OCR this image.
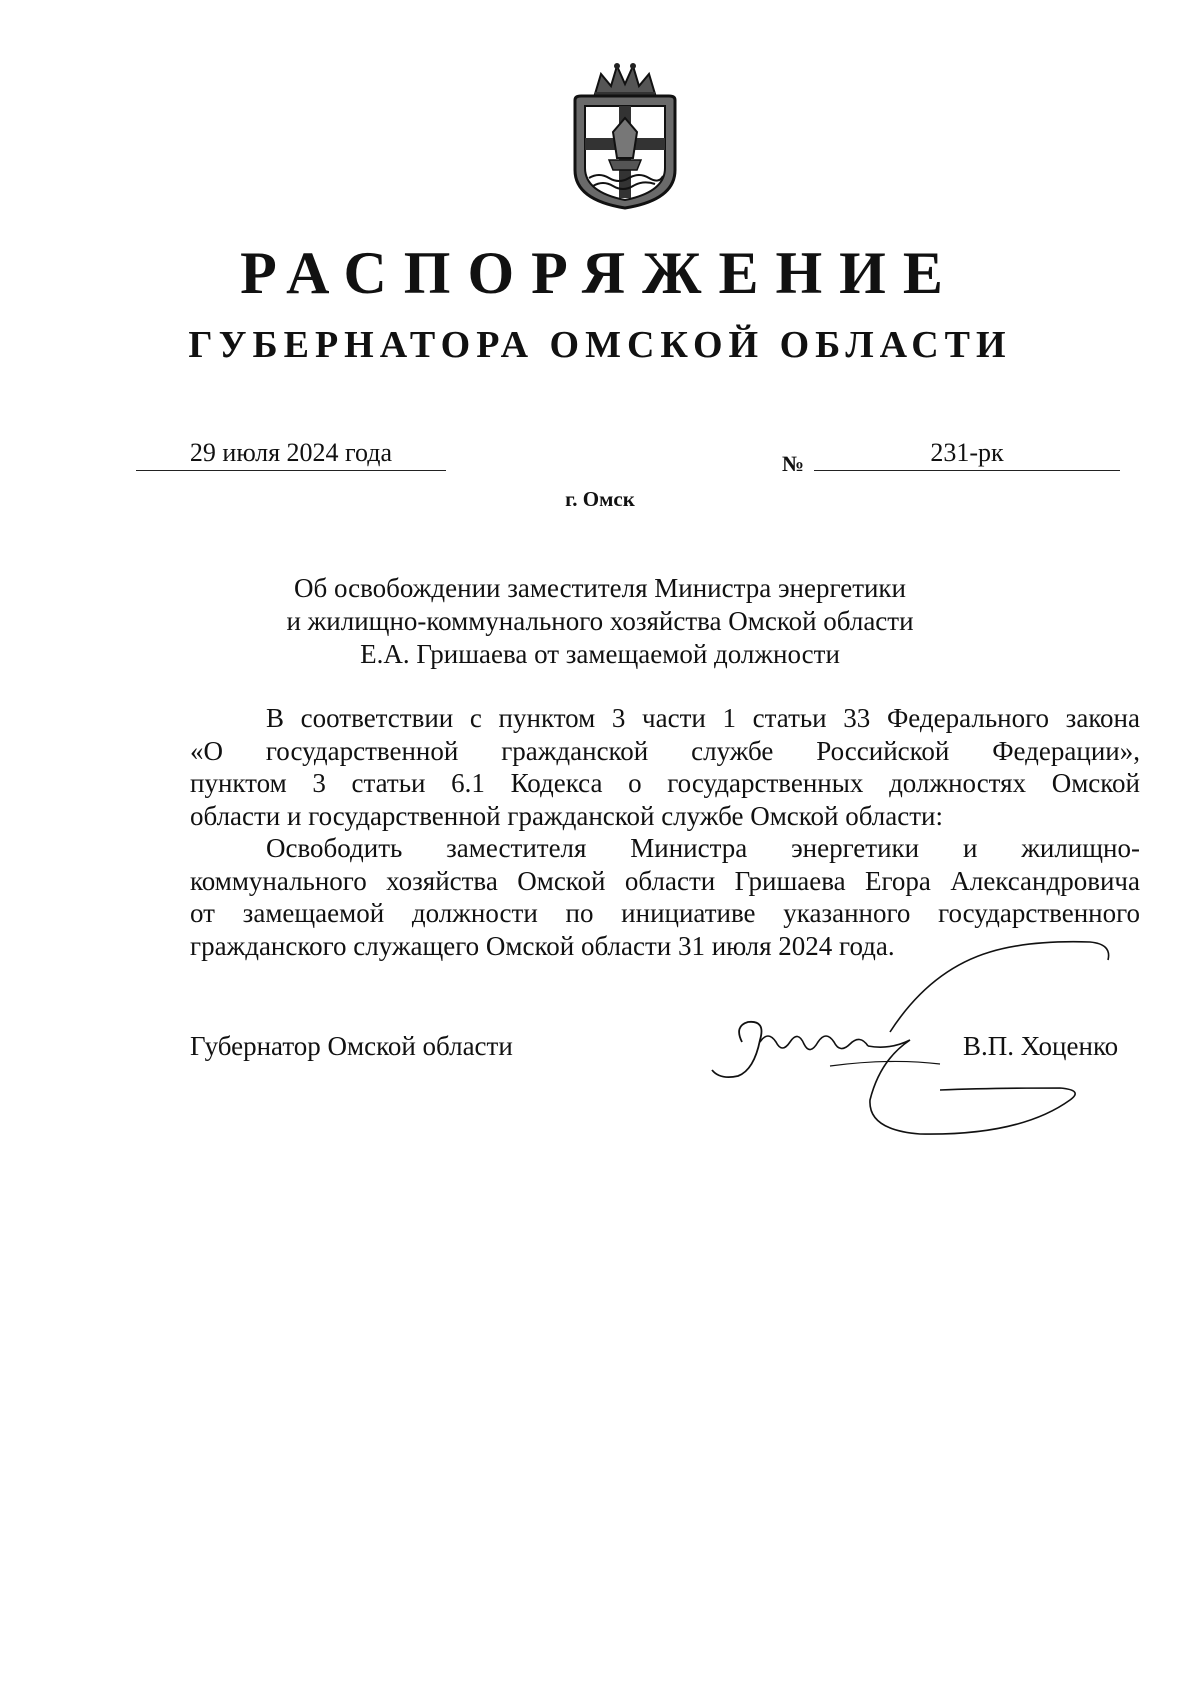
РАСПОРЯЖЕНИЕ
ГУБЕРНАТОРА ОМСКОЙ ОБЛАСТИ
29 июля 2024 года	№	231-рк
г. Омск
Об освобождении заместителя Министра энергетики
и жилищно-коммунального хозяйства Омской области
Е.А. Гришаева от замещаемой должности
В соответствии с пунктом 3 части 1 статьи 33 Федерального закона
«О государственной гражданской службе Российской Федерации»,
пунктом 3 статьи 6.1 Кодекса о государственных должностях Омской
области и государственной гражданской службе Омской области:
Освободить заместителя Министра энергетики и жилищно-
коммунального хозяйства Омской области Гришаева Егора Александровича
от замещаемой должности по инициативе указанного государственного
гражданского служащего Омской области 31 июля 2024 года.
Губернатор Омской области	В.П. Хоценко
